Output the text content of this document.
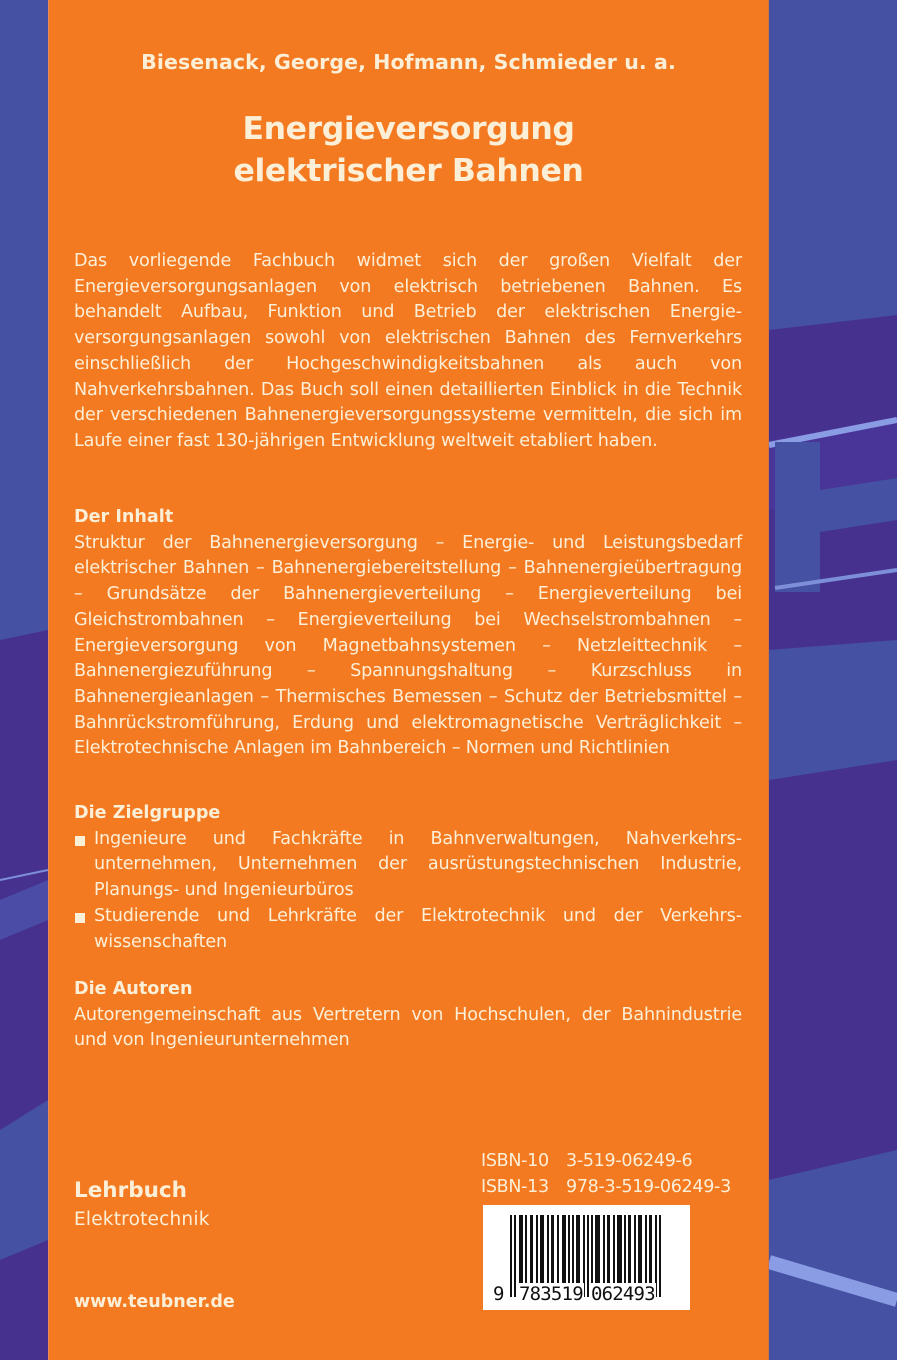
Biesenack, George, Hofmann, Schmieder u. a.
Energieversorgung
elektrischer Bahnen
Das vorliegende Fachbuch widmet sich der großen Vielfalt der Energieversorgungsanlagen von elektrisch betriebenen Bahnen. Es behandelt Aufbau, Funktion und Betrieb der elektrischen Energieversorgungsanlagen sowohl von elektrischen Bahnen des Fernverkehrs einschließlich der Hochgeschwindigkeitsbahnen als auch von Nahverkehrsbahnen. Das Buch soll einen detaillierten Einblick in die Technik der verschiedenen Bahnenergieversorgungssysteme vermitteln, die sich im Laufe einer fast 130-jährigen Entwicklung weltweit etabliert haben.
Der Inhalt

Struktur der Bahnenergieversorgung – Energie- und Leistungsbedarf elektrischer Bahnen – Bahnenergiebereitstellung – Bahnenergieübertragung – Grundsätze der Bahnenergieverteilung – Energieverteilung bei Gleichstrombahnen – Energieverteilung bei Wechselstrombahnen – Energieversorgung von Magnetbahnsystemen – Netzleittechnik – Bahnenergiezuführung – Spannungshaltung – Kurzschluss in Bahnenergieanlagen – Thermisches Bemessen – Schutz der Betriebsmittel – Bahnrückstromführung, Erdung und elektromagnetische Verträglichkeit – Elektrotechnische Anlagen im Bahnbereich – Normen und Richtlinien

Die Zielgruppe
Ingenieure und Fachkräfte in Bahnverwaltungen, Nahverkehrsunternehmen, Unternehmen der ausrüstungstechnischen Industrie, Planungs- und Ingenieurbüros
Studierende und Lehrkräfte der Elektrotechnik und der Verkehrswissenschaften
Die Autoren

Autorengemeinschaft aus Vertretern von Hochschulen, der Bahnindustrie und von Ingenieurunternehmen

Lehrbuch
Elektrotechnik
www.teubner.de
ISBN-10 3-519-06249-6
ISBN-13 978-3-519-06249-3
9 783519 062493
